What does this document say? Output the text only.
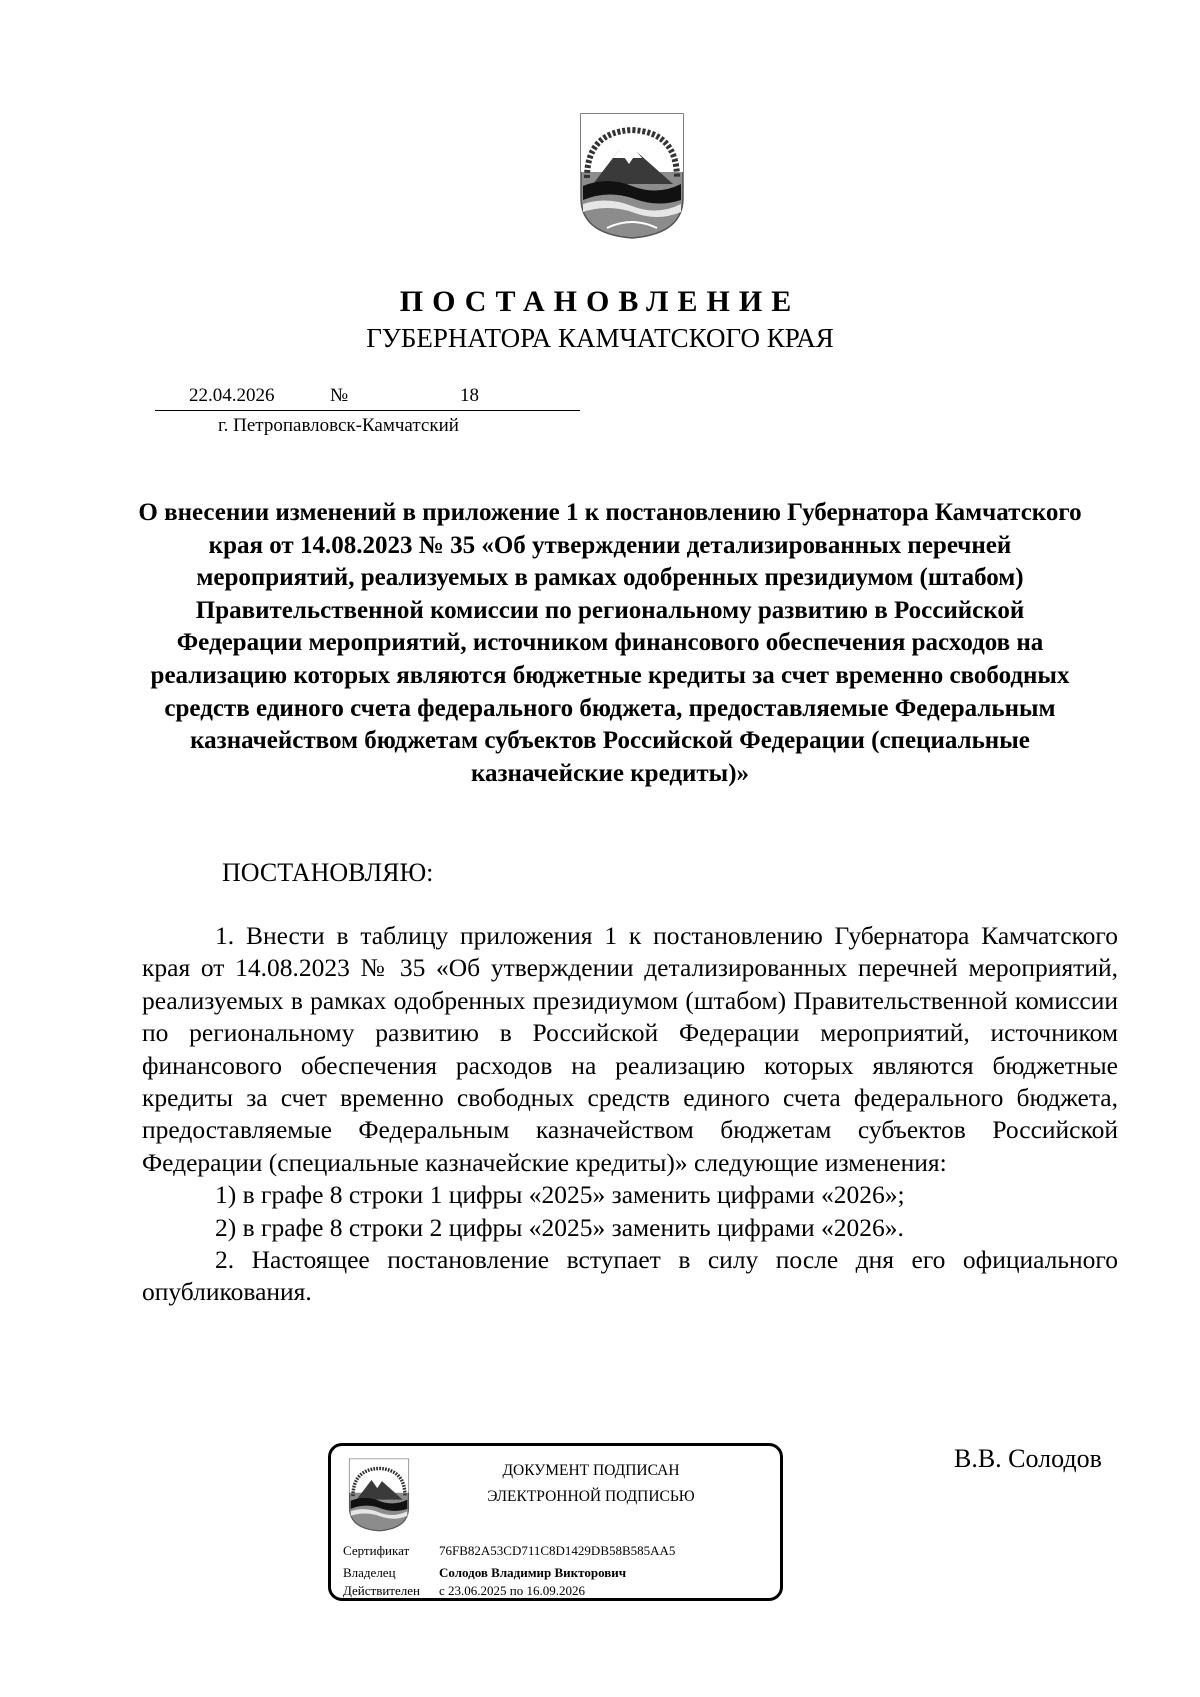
ПОСТАНОВЛЕНИЕ
ГУБЕРНАТОРА КАМЧАТСКОГО КРАЯ
22.04.2026	№	18
г. Петропавловск-Камчатский
О внесении изменений в приложение 1 к постановлению Губернатора Камчатского края от 14.08.2023 № 35 «Об утверждении детализированных перечней мероприятий, реализуемых в рамках одобренных президиумом (штабом) Правительственной комиссии по региональному развитию в Российской Федерации мероприятий, источником финансового обеспечения расходов на реализацию которых являются бюджетные кредиты за счет временно свободных средств единого счета федерального бюджета, предоставляемые Федеральным казначейством бюджетам субъектов Российской Федерации (специальные казначейские кредиты)»
ПОСТАНОВЛЯЮ:

1. Внести в таблицу приложения 1 к постановлению Губернатора Камчатского края от 14.08.2023 № 35 «Об утверждении детализированных перечней мероприятий, реализуемых в рамках одобренных президиумом (штабом) Правительственной комиссии по региональному развитию в Российской Федерации мероприятий, источником финансового обеспечения расходов на реализацию которых являются бюджетные кредиты за счет временно свободных средств единого счета федерального бюджета, предоставляемые Федеральным казначейством бюджетам субъектов Российской Федерации (специальные казначейские кредиты)» следующие изменения:

1) в графе 8 строки 1 цифры «2025» заменить цифрами «2026»;

2) в графе 8 строки 2 цифры «2025» заменить цифрами «2026».

2. Настоящее постановление вступает в силу после дня его официального опубликования.

ДОКУМЕНТ ПОДПИСАН
ЭЛЕКТРОННОЙ ПОДПИСЬЮ
Сертификат 76FB82A53CD711C8D1429DB58B585AA5
Владелец	Солодов Владимир Викторович
Действителен с 23.06.2025 по 16.09.2026
В.В. Солодов
